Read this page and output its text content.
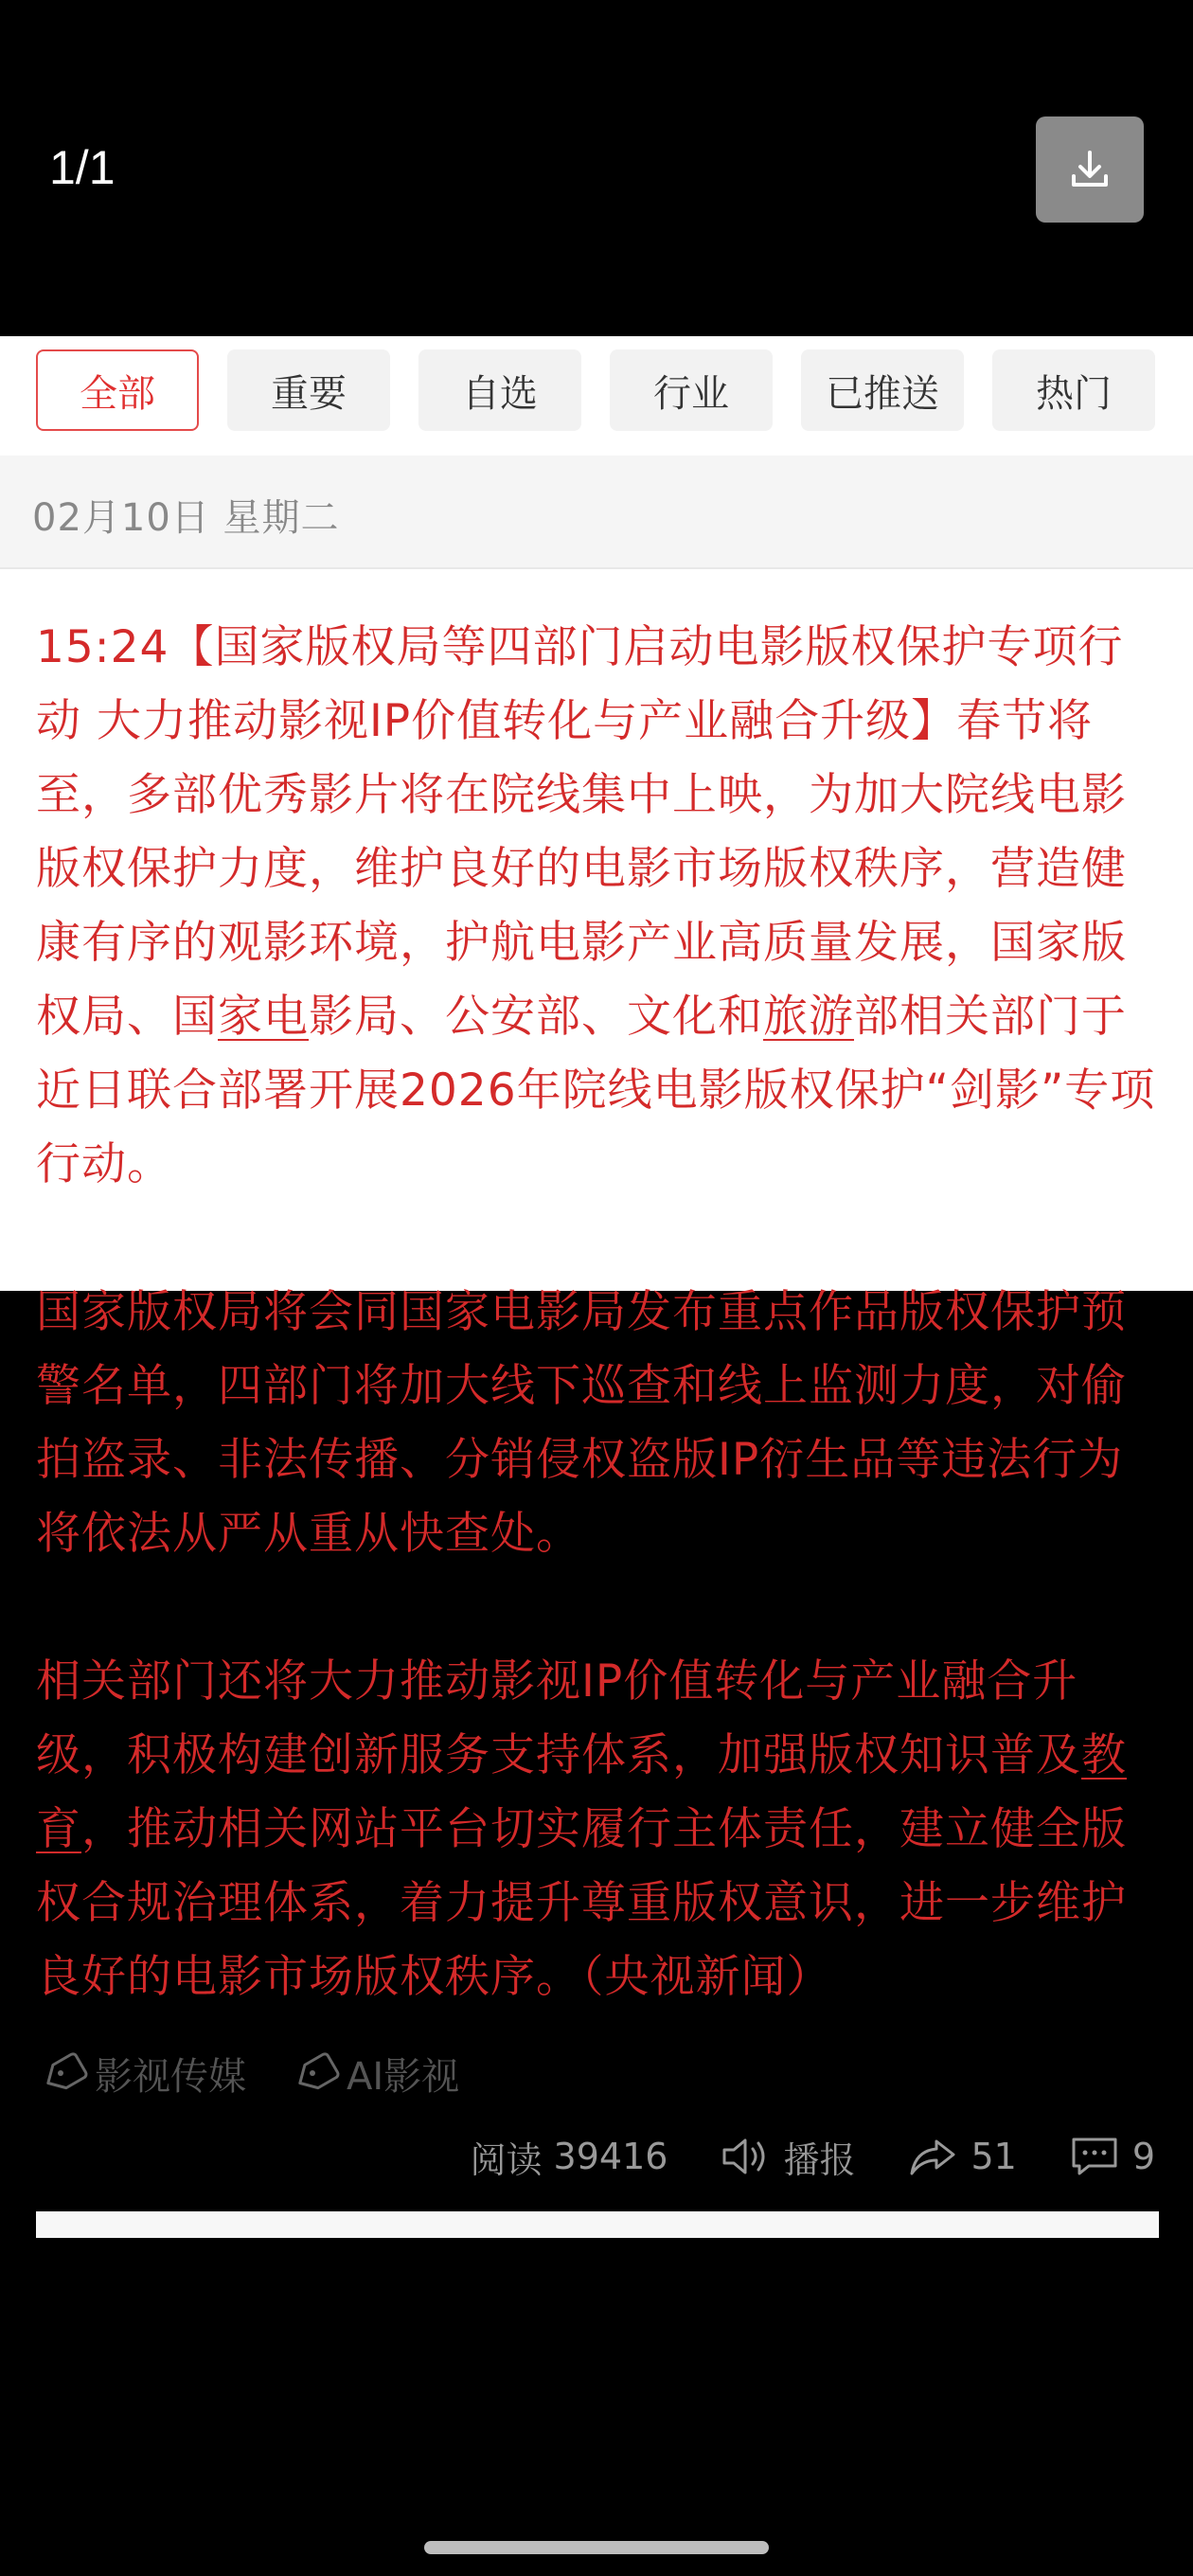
1/1
全部	重要	自选	行业	已推送	热门
02月10日 星期二

15:24【国家版权局等四部门启动电影版权保护专项行动 大力推动影视IP价值转化与产业融合升级】春节将至，多部优秀影片将在院线集中上映，为加大院线电影版权保护力度，维护良好的电影市场版权秩序，营造健康有序的观影环境，护航电影产业高质量发展，国家版权局、国家电影局、公安部、文化和旅游部相关部门于近日联合部署开展2026年院线电影版权保护“剑影”专项行动。

国家版权局将会同国家电影局发布重点作品版权保护预警名单，四部门将加大线下巡查和线上监测力度，对偷拍盗录、非法传播、分销侵权盗版IP衍生品等违法行为将依法从严从重从快查处。

相关部门还将大力推动影视IP价值转化与产业融合升级，积极构建创新服务支持体系，加强版权知识普及教育，推动相关网站平台切实履行主体责任，建立健全版权合规治理体系，着力提升尊重版权意识，进一步维护良好的电影市场版权秩序。（央视新闻）

影视传媒	AI影视
阅读 39416	播报	51	9
